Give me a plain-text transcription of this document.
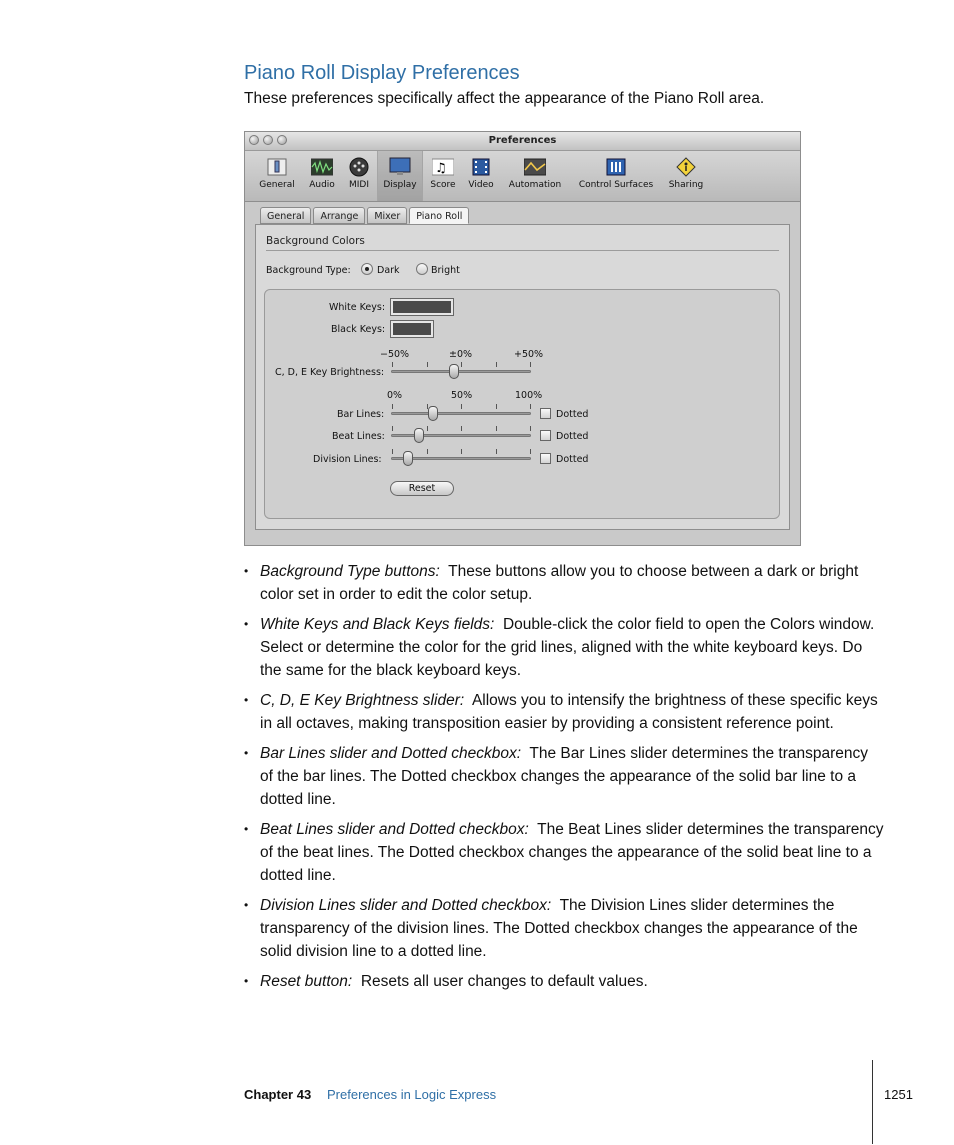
Piano Roll Display Preferences

These preferences specifically affect the appearance of the Piano Roll area.

Preferences
General	Audio	MIDI	Display
♫
Score	Video	Automation	Control Surfaces	Sharing
General	Arrange	Mixer	Piano Roll
Background Colors
Background Type:	Dark	Bright
White Keys:
Black Keys:
−50%	±0%	+50%
C, D, E Key Brightness:
0%	50%	100%
Bar Lines:	Dotted
Beat Lines:	Dotted
Division Lines:	Dotted
Reset
• Background Type buttons: These buttons allow you to choose between a dark or bright color set in order to edit the color setup.
• White Keys and Black Keys fields: Double-click the color field to open the Colors window. Select or determine the color for the grid lines, aligned with the white keyboard keys. Do the same for the black keyboard keys.
• C, D, E Key Brightness slider: Allows you to intensify the brightness of these specific keys in all octaves, making transposition easier by providing a consistent reference point.
• Bar Lines slider and Dotted checkbox: The Bar Lines slider determines the transparency of the bar lines. The Dotted checkbox changes the appearance of the solid bar line to a dotted line.
• Beat Lines slider and Dotted checkbox: The Beat Lines slider determines the transparency of the beat lines. The Dotted checkbox changes the appearance of the solid beat line to a dotted line.
• Division Lines slider and Dotted checkbox: The Division Lines slider determines the transparency of the division lines. The Dotted checkbox changes the appearance of the solid division line to a dotted line.
• Reset button: Resets all user changes to default values.
Chapter 43 Preferences in Logic Express	1251
